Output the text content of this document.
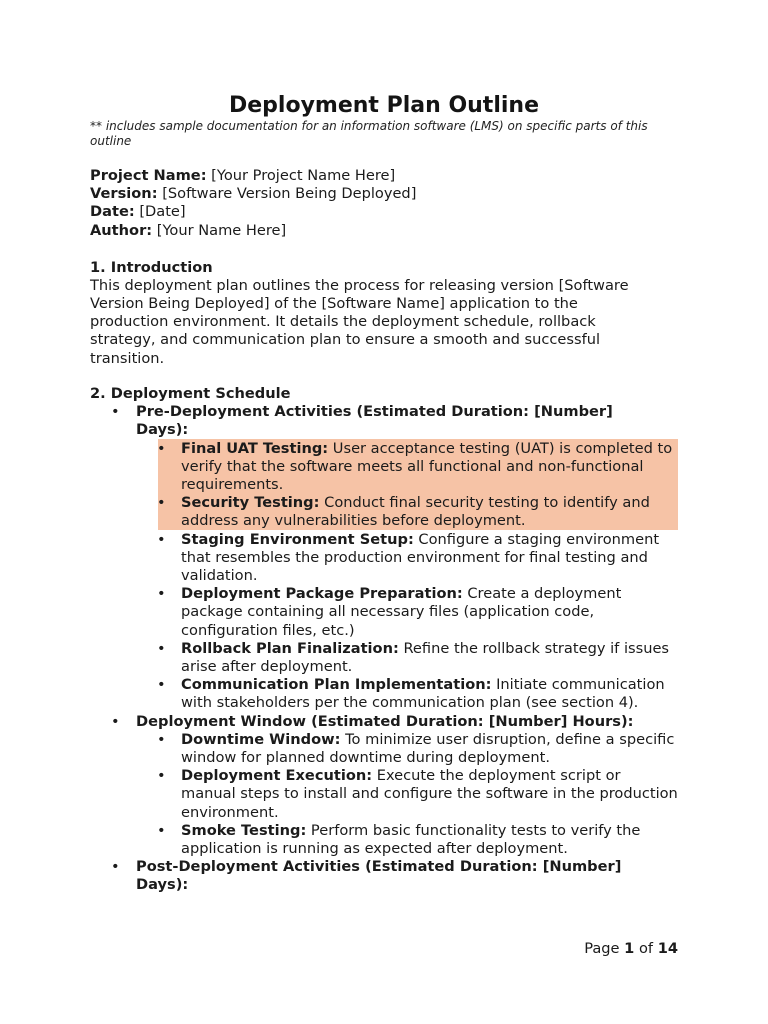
Deployment Plan Outline
** includes sample documentation for an information software (LMS) on specific parts of this outline
Project Name: [Your Project Name Here]
Version: [Software Version Being Deployed]
Date: [Date]
Author: [Your Name Here]
1. Introduction
This deployment plan outlines the process for releasing version [Software Version Being Deployed] of the [Software Name] application to the production environment. It details the deployment schedule, rollback strategy, and communication plan to ensure a smooth and successful transition.
2. Deployment Schedule
• Pre-Deployment Activities (Estimated Duration: [Number] Days):
• Final UAT Testing: User acceptance testing (UAT) is completed to verify that the software meets all functional and non-functional requirements.
• Security Testing: Conduct final security testing to identify and address any vulnerabilities before deployment.
• Staging Environment Setup: Configure a staging environment that resembles the production environment for final testing and validation.
• Deployment Package Preparation: Create a deployment package containing all necessary files (application code, configuration files, etc.)
• Rollback Plan Finalization: Refine the rollback strategy if issues arise after deployment.
• Communication Plan Implementation: Initiate communication with stakeholders per the communication plan (see section 4).
• Deployment Window (Estimated Duration: [Number] Hours):
• Downtime Window: To minimize user disruption, define a specific window for planned downtime during deployment.
• Deployment Execution: Execute the deployment script or manual steps to install and configure the software in the production environment.
• Smoke Testing: Perform basic functionality tests to verify the application is running as expected after deployment.
• Post-Deployment Activities (Estimated Duration: [Number] Days):
Page 1 of 14
